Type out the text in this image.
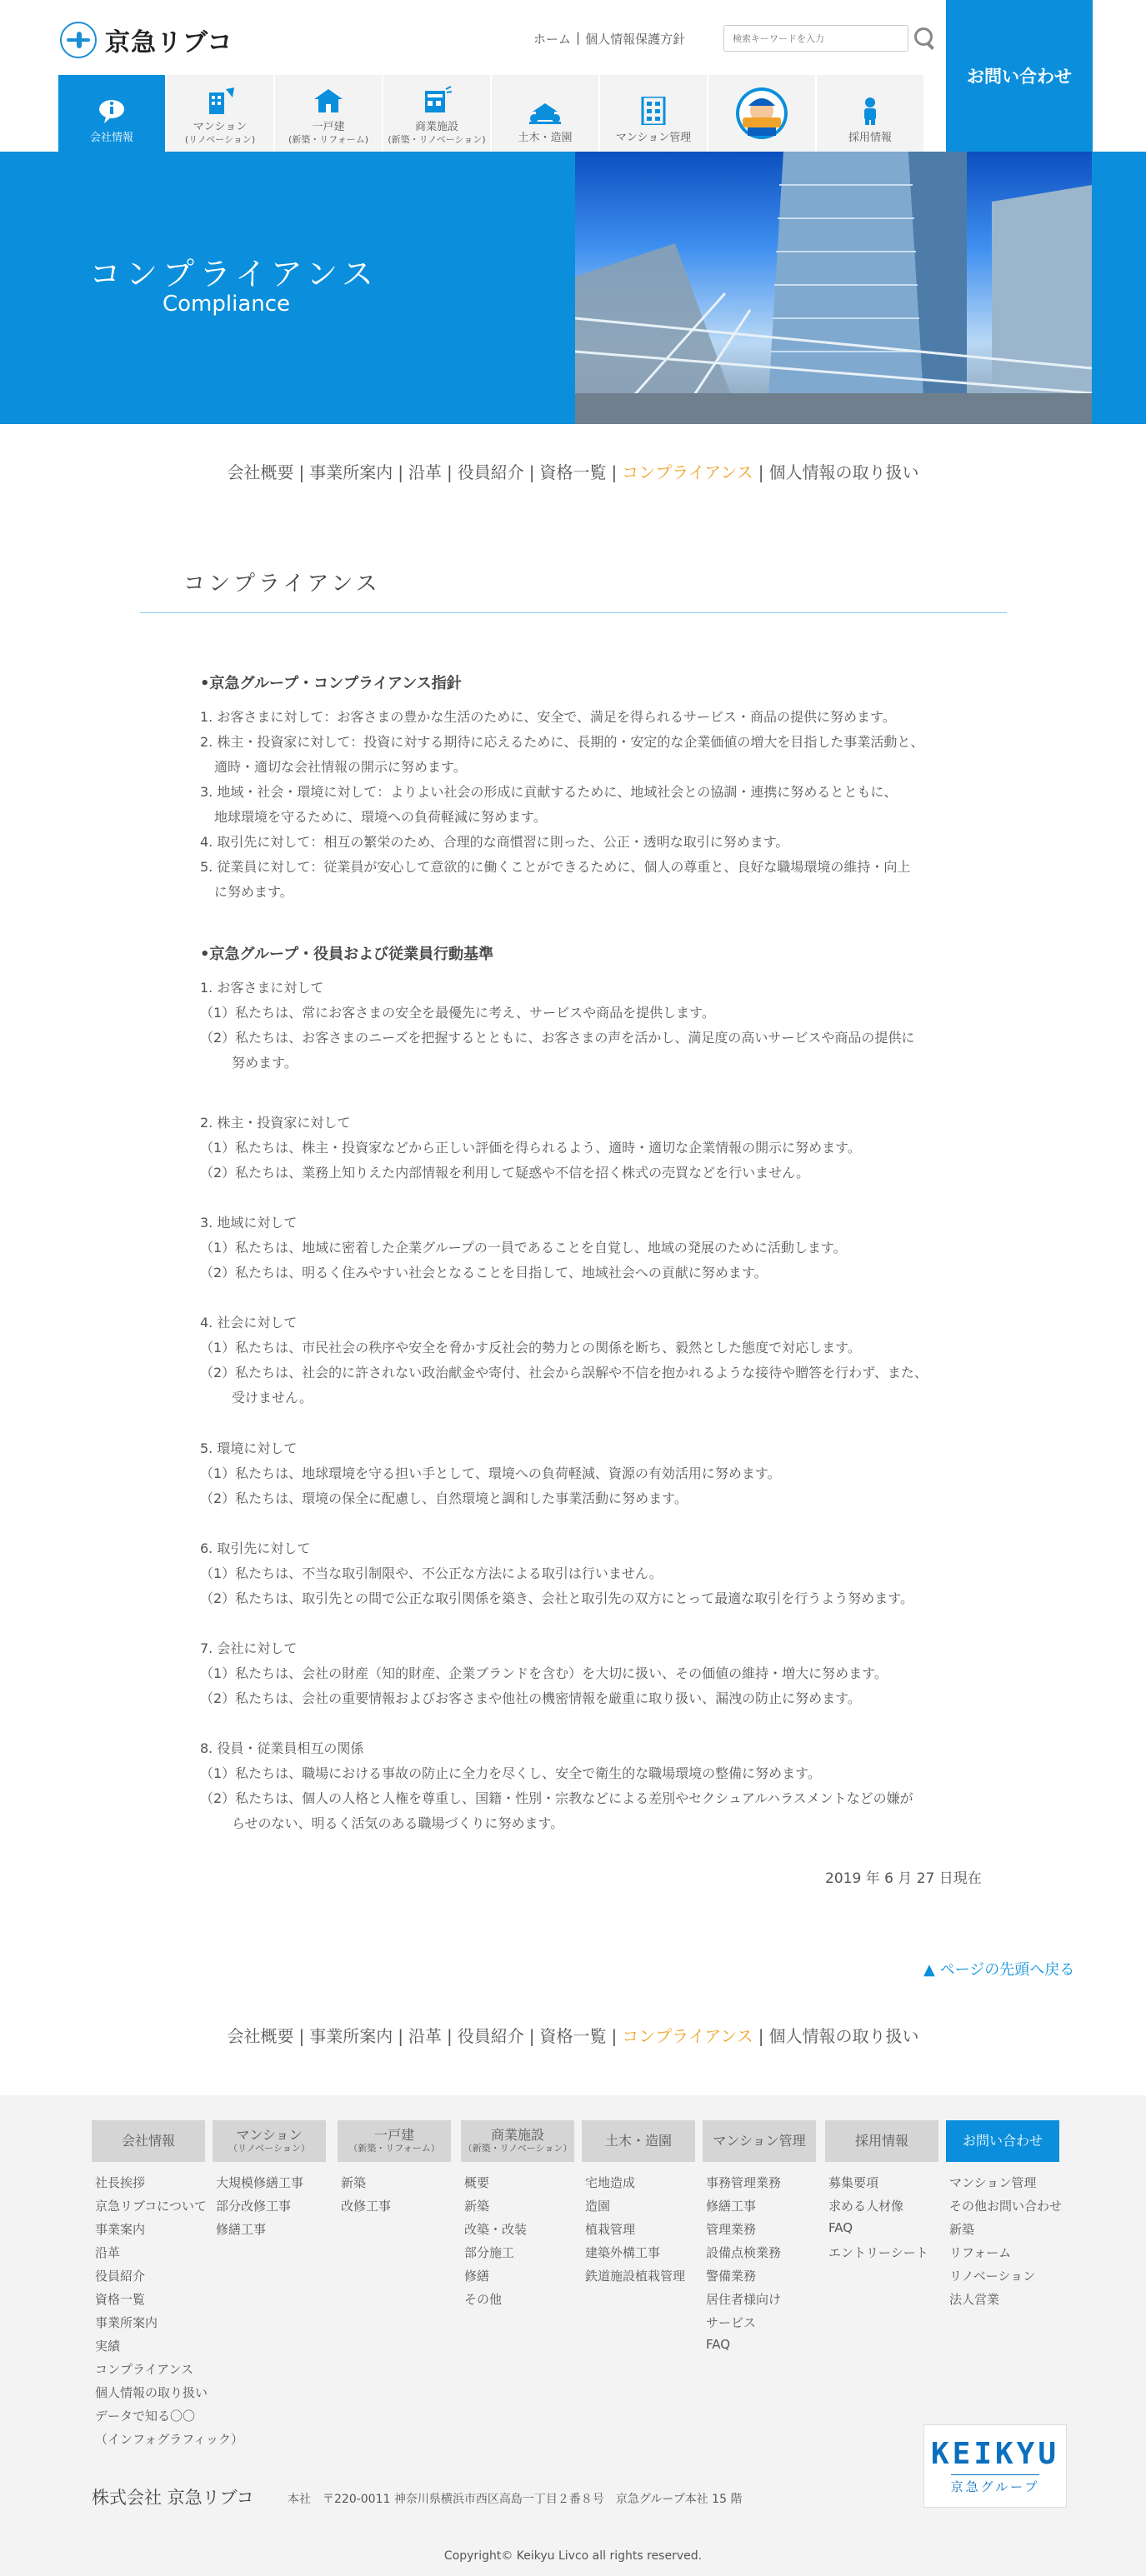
京急リブコ	ホーム | 個人情報保護方針
検索キーワードを入力
お問い合わせ
会社情報
マンション
(リノベーション)
一戸建
(新築・リフォーム)
商業施設
(新築・リノベーション)	土木・造園	マンション管理	採用情報
コンプライアンス
Compliance
会社概要 | 事業所案内 | 沿革 | 役員紹介 | 資格一覧 | コンプライアンス | 個人情報の取り扱い
コンプライアンス
•京急グループ・コンプライアンス指針
1. お客さまに対して：お客さまの豊かな生活のために、安全で、満足を得られるサービス・商品の提供に努めます。
2. 株主・投資家に対して：投資に対する期待に応えるために、長期的・安定的な企業価値の増大を目指した事業活動と、
適時・適切な会社情報の開示に努めます。
3. 地域・社会・環境に対して：よりよい社会の形成に貢献するために、地域社会との協調・連携に努めるとともに、
地球環境を守るために、環境への負荷軽減に努めます。
4. 取引先に対して：相互の繁栄のため、合理的な商慣習に則った、公正・透明な取引に努めます。
5. 従業員に対して：従業員が安心して意欲的に働くことができるために、個人の尊重と、良好な職場環境の維持・向上
に努めます。
•京急グループ・役員および従業員行動基準
1. お客さまに対して
（1）私たちは、常にお客さまの安全を最優先に考え、サービスや商品を提供します。
（2）私たちは、お客さまのニーズを把握するとともに、お客さまの声を活かし、満足度の高いサービスや商品の提供に
努めます。
2. 株主・投資家に対して
（1）私たちは、株主・投資家などから正しい評価を得られるよう、適時・適切な企業情報の開示に努めます。
（2）私たちは、業務上知りえた内部情報を利用して疑惑や不信を招く株式の売買などを行いません。
3. 地域に対して
（1）私たちは、地域に密着した企業グループの一員であることを自覚し、地域の発展のために活動します。
（2）私たちは、明るく住みやすい社会となることを目指して、地域社会への貢献に努めます。
4. 社会に対して
（1）私たちは、市民社会の秩序や安全を脅かす反社会的勢力との関係を断ち、毅然とした態度で対応します。
（2）私たちは、社会的に許されない政治献金や寄付、社会から誤解や不信を抱かれるような接待や贈答を行わず、また、
受けません。
5. 環境に対して
（1）私たちは、地球環境を守る担い手として、環境への負荷軽減、資源の有効活用に努めます。
（2）私たちは、環境の保全に配慮し、自然環境と調和した事業活動に努めます。
6. 取引先に対して
（1）私たちは、不当な取引制限や、不公正な方法による取引は行いません。
（2）私たちは、取引先との間で公正な取引関係を築き、会社と取引先の双方にとって最適な取引を行うよう努めます。
7. 会社に対して
（1）私たちは、会社の財産（知的財産、企業ブランドを含む）を大切に扱い、その価値の維持・増大に努めます。
（2）私たちは、会社の重要情報およびお客さまや他社の機密情報を厳重に取り扱い、漏洩の防止に努めます。
8. 役員・従業員相互の関係
（1）私たちは、職場における事故の防止に全力を尽くし、安全で衛生的な職場環境の整備に努めます。
（2）私たちは、個人の人格と人権を尊重し、国籍・性別・宗教などによる差別やセクシュアルハラスメントなどの嫌が
らせのない、明るく活気のある職場づくりに努めます。
2019 年 6 月 27 日現在
▲ ページの先頭へ戻る
会社概要 | 事業所案内 | 沿革 | 役員紹介 | 資格一覧 | コンプライアンス | 個人情報の取り扱い
会社情報
社長挨拶
京急リブコについて
事業案内
沿革
役員紹介
資格一覧
事業所案内
実績
コンプライアンス
個人情報の取り扱い
データで知る〇〇
（インフォグラフィック）
マンション
（リノベーション）
大規模修繕工事
部分改修工事
修繕工事
一戸建
（新築・リフォーム）
新築
改修工事
商業施設
（新築・リノベーション）
概要
新築
改築・改装
部分施工
修繕
その他
土木・造園
宅地造成
造園
植栽管理
建築外構工事
鉄道施設植栽管理
マンション管理
事務管理業務
修繕工事
管理業務
設備点検業務
警備業務
居住者様向け
サービス
FAQ
採用情報
募集要項
求める人材像
FAQ
エントリーシート
お問い合わせ
マンション管理
その他お問い合わせ
新築
リフォーム
リノベーション
法人営業
KEIKYU
京急グループ
株式会社 京急リブコ	本社　〒220-0011 神奈川県横浜市西区高島一丁目２番８号　京急グループ本社 15 階
Copyright© Keikyu Livco all rights reserved.
